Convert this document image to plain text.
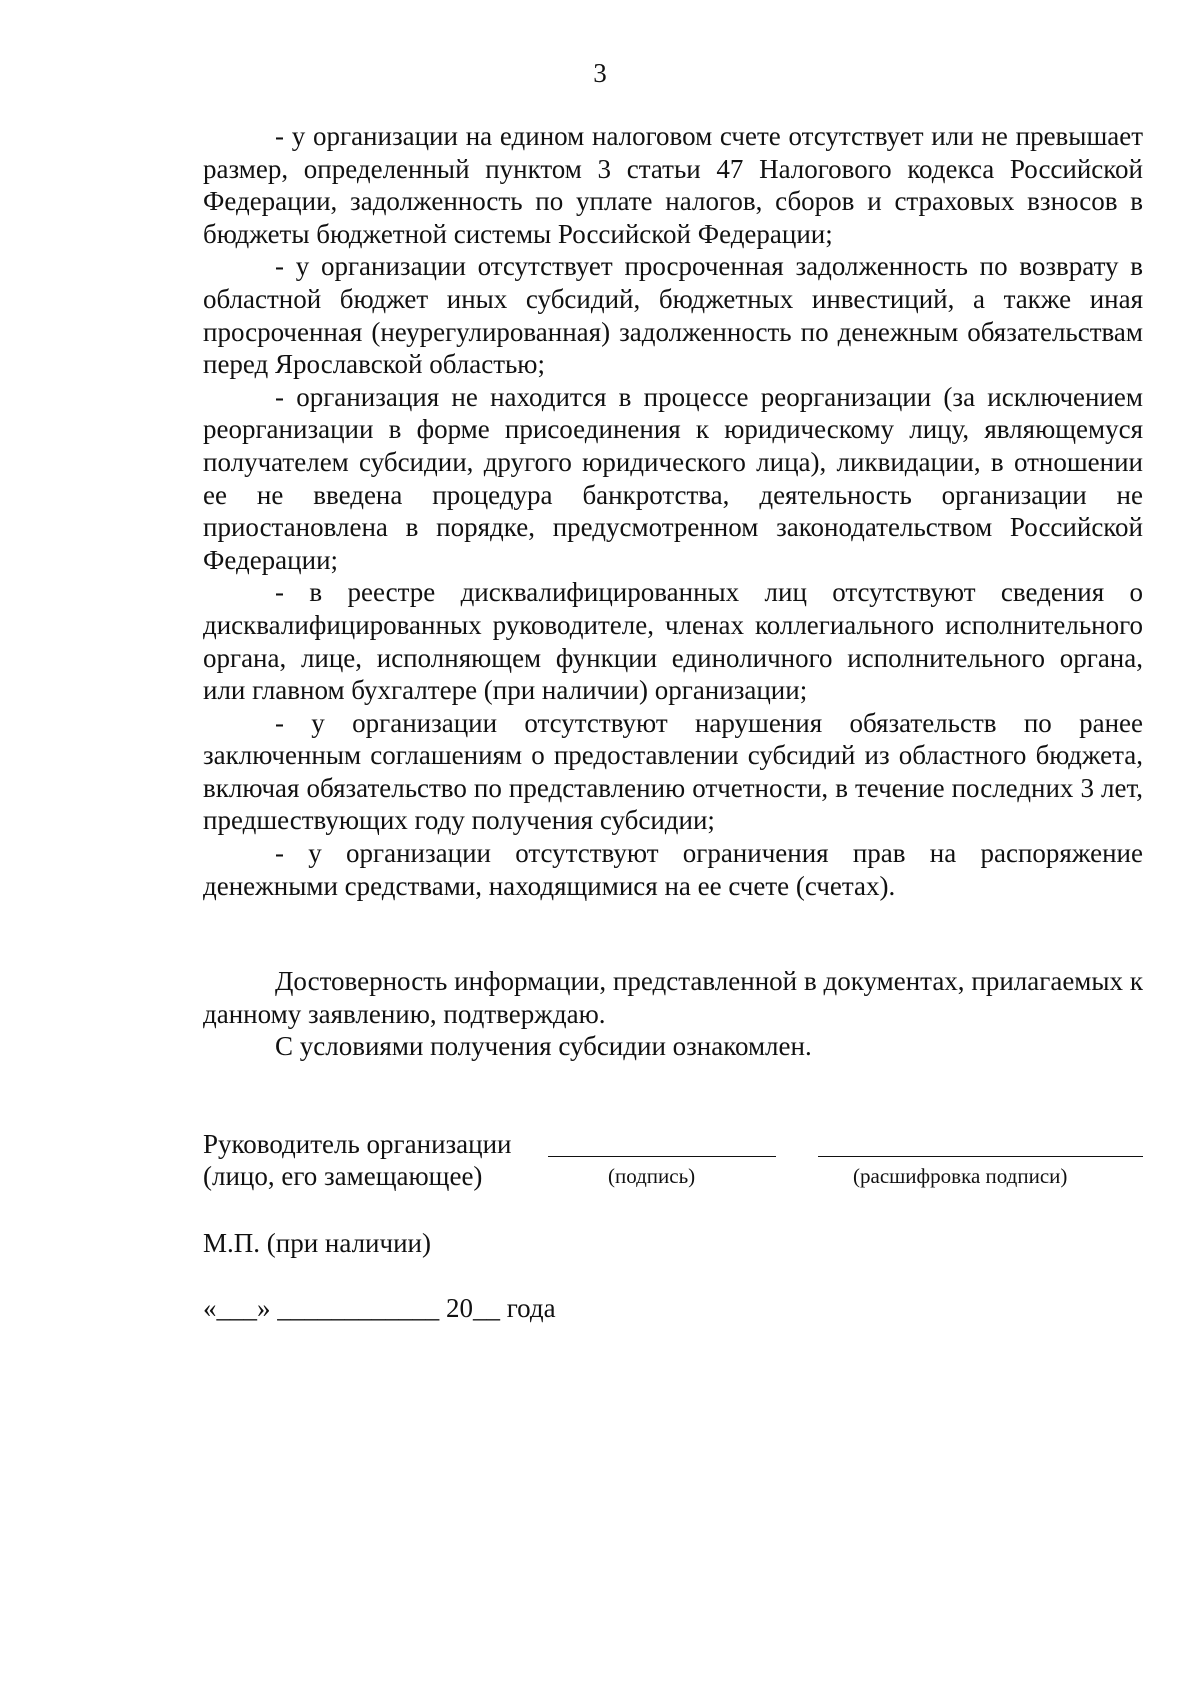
3

- у организации на едином налоговом счете отсутствует или не превышает размер, определенный пунктом 3 статьи 47 Налогового кодекса Российской Федерации, задолженность по уплате налогов, сборов и страховых взносов в бюджеты бюджетной системы Российской Федерации;

- у организации отсутствует просроченная задолженность по возврату в областной бюджет иных субсидий, бюджетных инвестиций, а также иная просроченная (неурегулированная) задолженность по денежным обязательствам перед Ярославской областью;

- организация не находится в процессе реорганизации (за исключением реорганизации в форме присоединения к юридическому лицу, являющемуся получателем субсидии, другого юридического лица), ликвидации, в отношении ее не введена процедура банкротства, деятельность организации не приостановлена в порядке, предусмотренном законодательством Российской Федерации;

- в реестре дисквалифицированных лиц отсутствуют сведения о дисквалифицированных руководителе, членах коллегиального исполнительного органа, лице, исполняющем функции единоличного исполнительного органа, или главном бухгалтере (при наличии) организации;

- у организации отсутствуют нарушения обязательств по ранее заключенным соглашениям о предоставлении субсидий из областного бюджета, включая обязательство по представлению отчетности, в течение последних 3 лет, предшествующих году получения субсидии;

- у организации отсутствуют ограничения прав на распоряжение денежными средствами, находящимися на ее счете (счетах).

Достоверность информации, представленной в документах, прилагаемых к данному заявлению, подтверждаю.

С условиями получения субсидии ознакомлен.

Руководитель организации
(лицо, его замещающее)	(подпись)	(расшифровка подписи)
М.П. (при наличии)
«___» ____________ 20__ года
